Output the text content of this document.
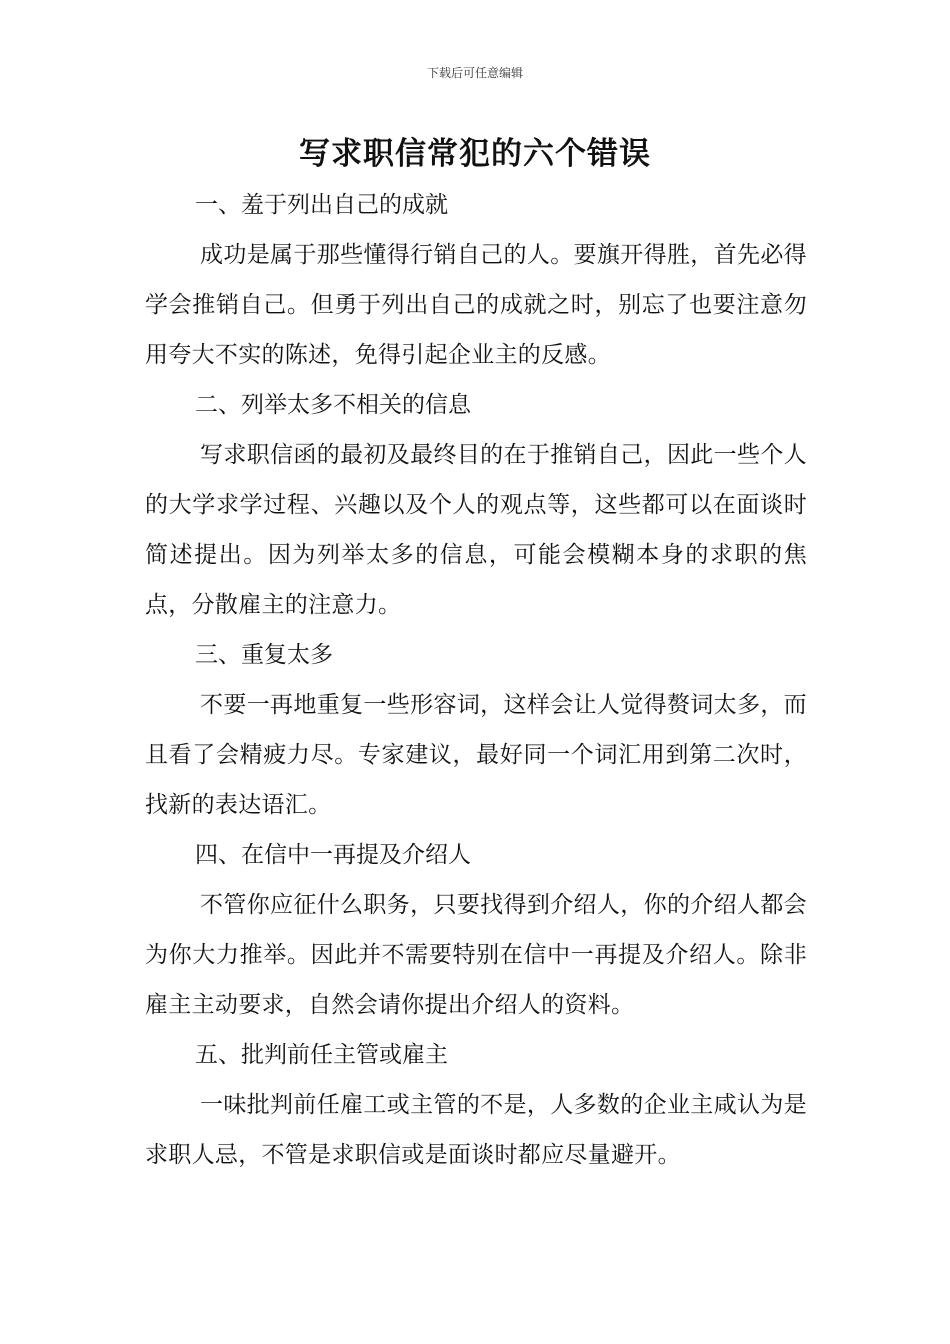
下载后可任意编辑
写求职信常犯的六个错误

一、羞于列出自己的成就

成功是属于那些懂得行销自己的人。要旗开得胜，首先必得学会推销自己。但勇于列出自己的成就之时，别忘了也要注意勿用夸大不实的陈述，免得引起企业主的反感。

二、列举太多不相关的信息

写求职信函的最初及最终目的在于推销自己，因此一些个人的大学求学过程、兴趣以及个人的观点等，这些都可以在面谈时简述提出。因为列举太多的信息，可能会模糊本身的求职的焦点，分散雇主的注意力。

三、重复太多

不要一再地重复一些形容词，这样会让人觉得赘词太多，而且看了会精疲力尽。专家建议，最好同一个词汇用到第二次时，找新的表达语汇。

四、在信中一再提及介绍人

不管你应征什么职务，只要找得到介绍人，你的介绍人都会为你大力推举。因此并不需要特别在信中一再提及介绍人。除非雇主主动要求，自然会请你提出介绍人的资料。

五、批判前任主管或雇主

一味批判前任雇工或主管的不是，人多数的企业主咸认为是求职人忌，不管是求职信或是面谈时都应尽量避开。
